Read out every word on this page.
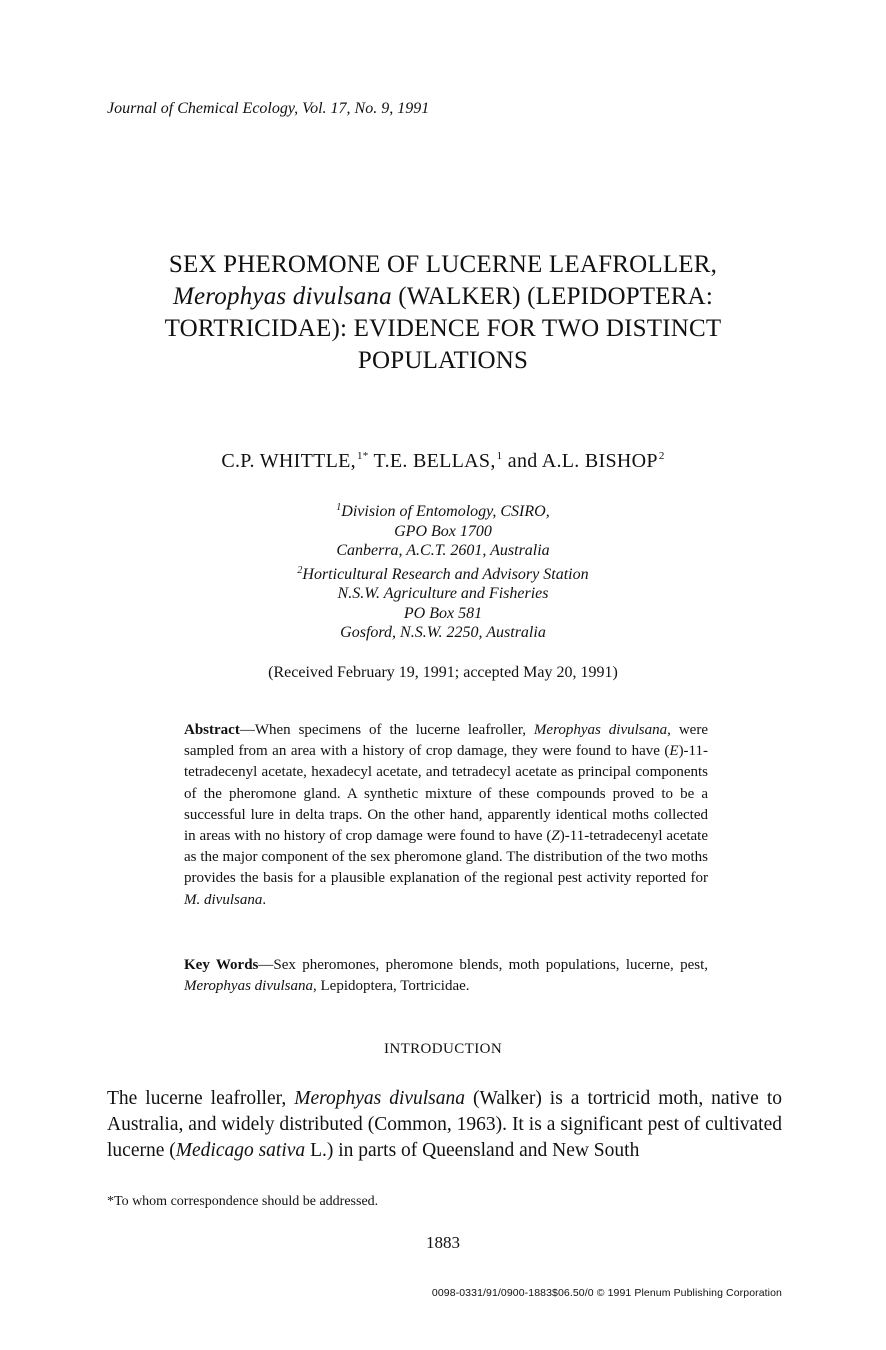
Journal of Chemical Ecology, Vol. 17, No. 9, 1991
SEX PHEROMONE OF LUCERNE LEAFROLLER,
Merophyas divulsana (WALKER) (LEPIDOPTERA:
TORTRICIDAE): EVIDENCE FOR TWO DISTINCT
POPULATIONS
C.P. WHITTLE,$^{1*}$ T.E. BELLAS,$^1$ and A.L. BISHOP$^2$
$^1$Division of Entomology, CSIRO,
GPO Box 1700
Canberra, A.C.T. 2601, Australia
$^2$Horticultural Research and Advisory Station
N.S.W. Agriculture and Fisheries
PO Box 581
Gosford, N.S.W. 2250, Australia
(Received February 19, 1991; accepted May 20, 1991)
Abstract—When specimens of the lucerne leafroller, Merophyas divulsana, were sampled from an area with a history of crop damage, they were found to have (E)-11-tetradecenyl acetate, hexadecyl acetate, and tetradecyl acetate as principal components of the pheromone gland. A synthetic mixture of these compounds proved to be a successful lure in delta traps. On the other hand, apparently identical moths collected in areas with no history of crop damage were found to have (Z)-11-tetradecenyl acetate as the major component of the sex pheromone gland. The distribution of the two moths provides the basis for a plausible explanation of the regional pest activity reported for M. divulsana.
Key Words—Sex pheromones, pheromone blends, moth populations, lucerne, pest, Merophyas divulsana, Lepidoptera, Tortricidae.
INTRODUCTION
The lucerne leafroller, Merophyas divulsana (Walker) is a tortricid moth, native to Australia, and widely distributed (Common, 1963). It is a significant pest of cultivated lucerne (Medicago sativa L.) in parts of Queensland and New South
*To whom correspondence should be addressed.
1883
0098-0331/91/0900-1883$06.50/0 © 1991 Plenum Publishing Corporation
